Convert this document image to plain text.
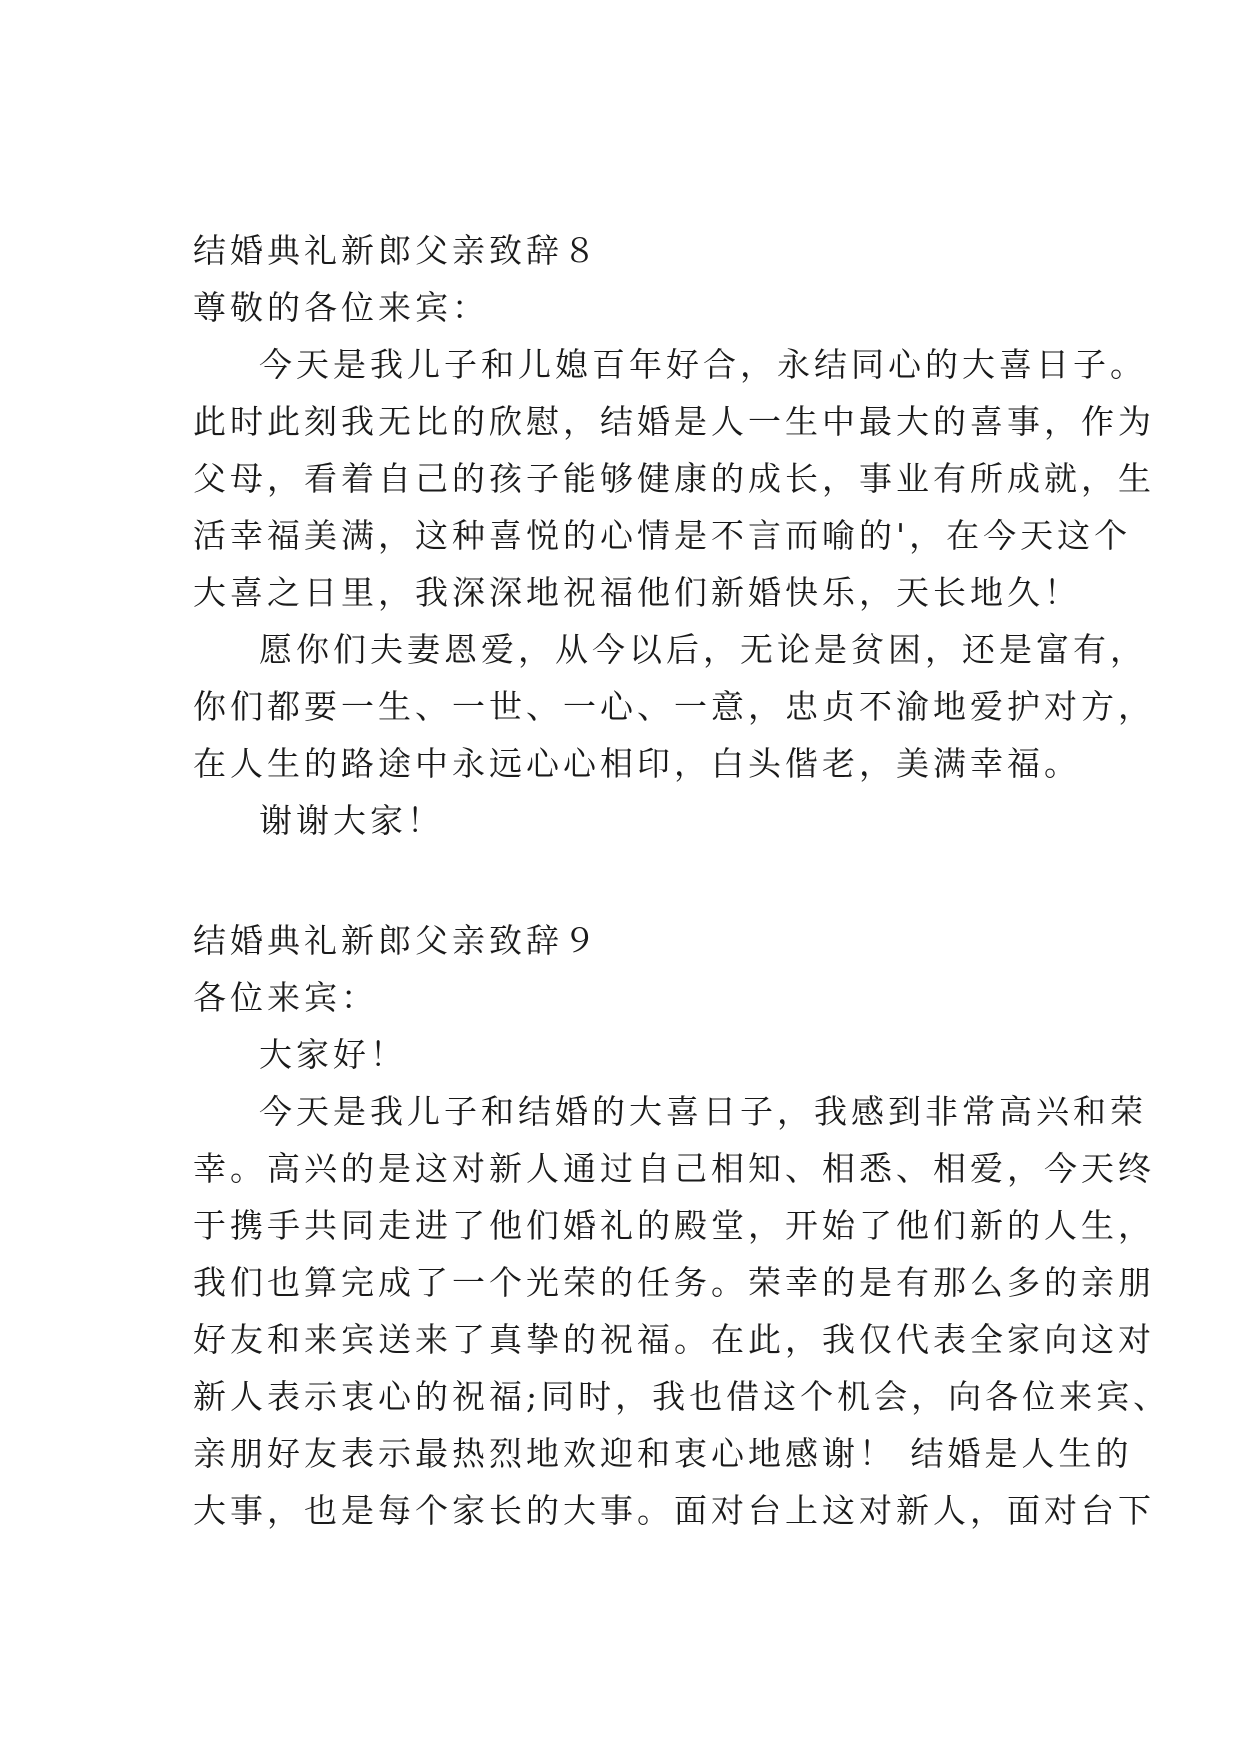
结婚典礼新郎父亲致辞８
尊敬的各位来宾：
今天是我儿子和儿媳百年好合，永结同心的大喜日子。
此时此刻我无比的欣慰，结婚是人一生中最大的喜事，作为
父母，看着自己的孩子能够健康的成长，事业有所成就，生
活幸福美满，这种喜悦的心情是不言而喻的'，在今天这个
大喜之日里，我深深地祝福他们新婚快乐，天长地久！
愿你们夫妻恩爱，从今以后，无论是贫困，还是富有，
你们都要一生、一世、一心、一意，忠贞不渝地爱护对方，
在人生的路途中永远心心相印，白头偕老，美满幸福。
谢谢大家！
结婚典礼新郎父亲致辞９
各位来宾：
大家好！
今天是我儿子和结婚的大喜日子，我感到非常高兴和荣
幸。高兴的是这对新人通过自己相知、相悉、相爱，今天终
于携手共同走进了他们婚礼的殿堂，开始了他们新的人生，
我们也算完成了一个光荣的任务。荣幸的是有那么多的亲朋
好友和来宾送来了真挚的祝福。在此，我仅代表全家向这对
新人表示衷心的祝福;同时，我也借这个机会，向各位来宾、
亲朋好友表示最热烈地欢迎和衷心地感谢！ 结婚是人生的
大事，也是每个家长的大事。面对台上这对新人，面对台下
